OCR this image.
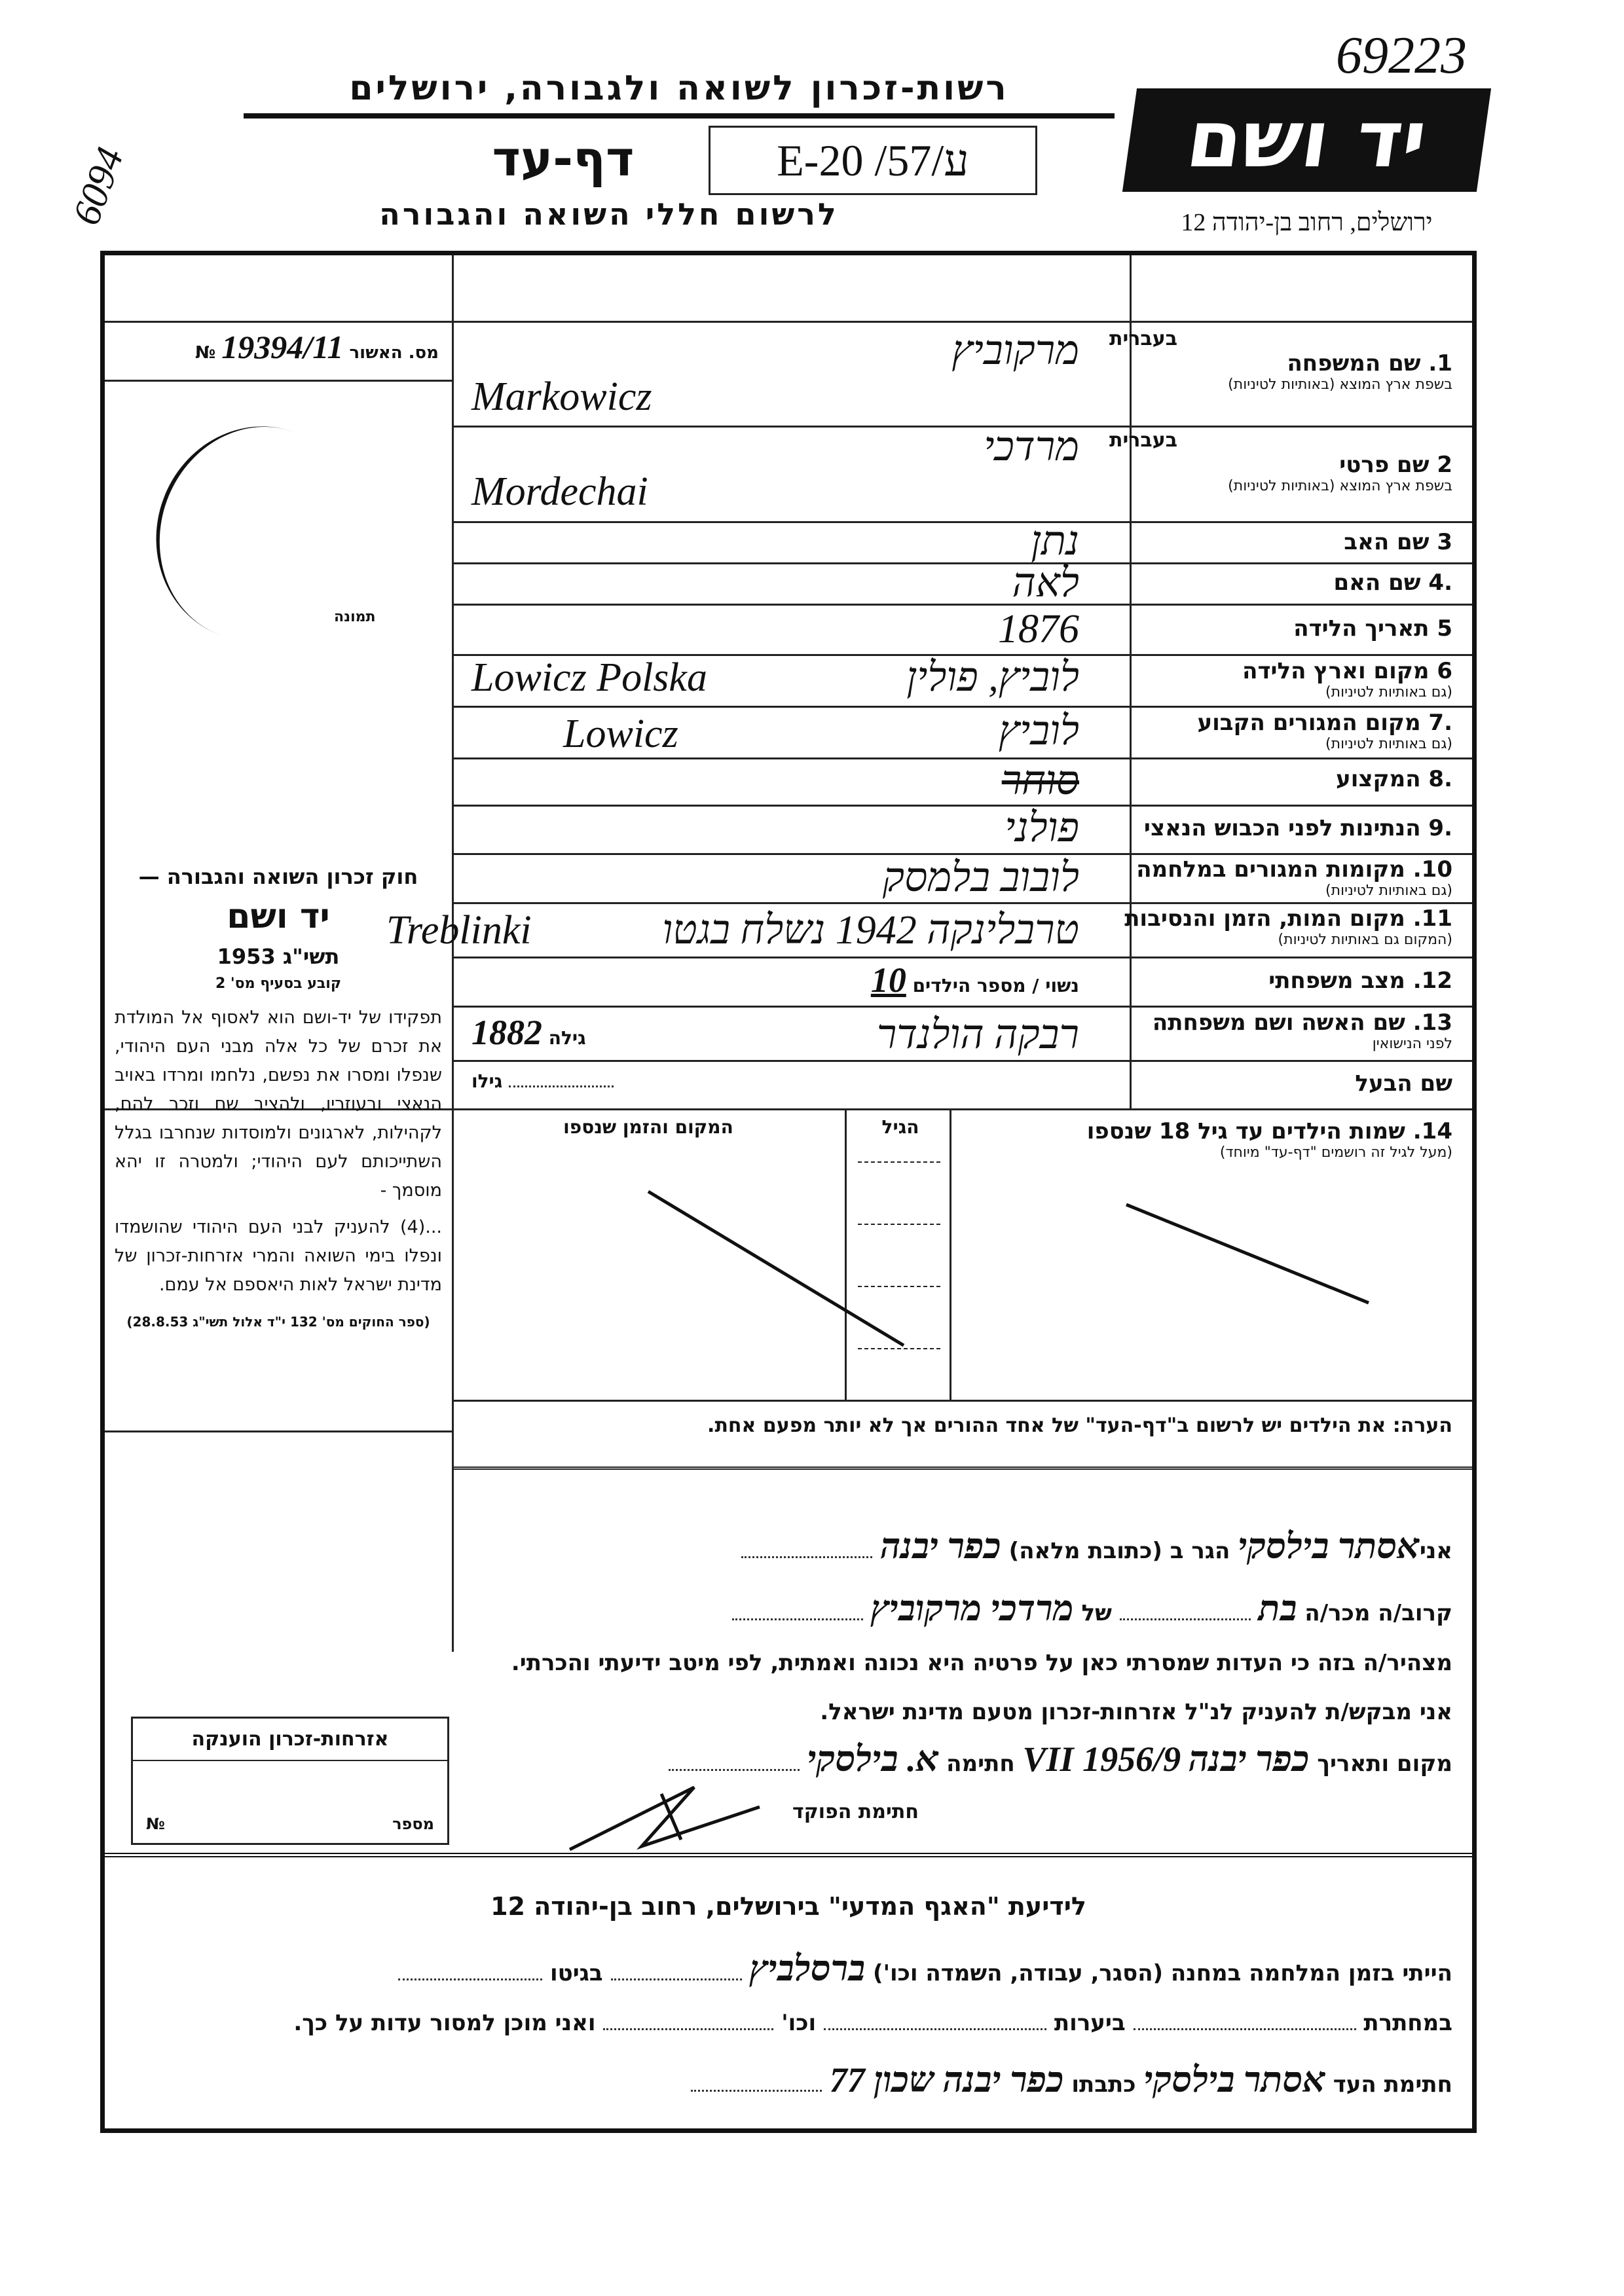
69223
6094
רשות-זכרון לשואה ולגבורה, ירושלים
דף-עד	E-20 /57/ע
לרשום חללי השואה והגבורה
יד ושם
ירושלים, רחוב בן-יהודה 12
מס. האשור 19394/11 №
תמונה
חוק זכרון השואה והגבורה —
יד ושם
תשי"ג 1953
קובע בסעיף מס' 2
תפקידו של יד-ושם הוא לאסוף אל המולדת את זכרם של כל אלה מבני העם היהודי, שנפלו ומסרו את נפשם, נלחמו ומרדו באויב הנאצי ובעוזריו, ולהציב שם וזכר להם, לקהילות, לארגונים ולמוסדות שנחרבו בגלל השתייכותם לעם היהודי; ולמטרה זו יהא מוסמך -
...(4) להעניק לבני העם היהודי שהושמדו ונפלו בימי השואה והמרי אזרחות-זכרון של מדינת ישראל לאות היאספם אל עמם.
(ספר החוקים מס' 132 י"ד אלול תשי"ג 28.8.53)
בעברית
1. שם המשפחה
בשפת ארץ המוצא (באותיות לטיניות)
בעברית
2 שם פרטי
בשפת ארץ המוצא (באותיות לטיניות)
3 שם האב
.4 שם האם
5 תאריך הלידה
6 מקום וארץ הלידה
(גם באותיות לטיניות)
.7 מקום המגורים הקבוע
(גם באותיות לטיניות)
.8 המקצוע
.9 הנתינות לפני הכבוש הנאצי
10. מקומות המגורים במלחמה
(גם באותיות לטיניות)
11. מקום המות, הזמן והנסיבות
(המקום גם באותיות לטיניות)
12. מצב משפחתי
13. שם האשה ושם משפחתה
לפני הנישואין
שם הבעל
מרקוביץ
Markowicz
מרדכי
Mordechai
נתן
לאה
1876
לוביץ, פולין
Lowicz Polska
לוביץ
Lowicz
סוחר
פולני
לובוב בלמסק
טרבלינקה 1942 נשלח בגטו
Treblinki
נשוי / מספר הילדים 10
רבקה הולנדר
גילה 1882
גילו
14. שמות הילדים עד גיל 18 שנספו
(מעל לגיל זה רושמים "דף-עד" מיוחד)
הגיל
המקום והזמן שנספו
הערה: את הילדים יש לרשום ב"דף-העד" של אחד ההורים אך לא יותר מפעם אחת.
אניאסתר בילסקי הגר ב (כתובת מלאה) כפר יבנה
קרוב/ה מכר/ה בת  של מרדכי מרקוביץ
מצהיר/ה בזה כי העדות שמסרתי כאן על פרטיה היא נכונה ואמתית, לפי מיטב ידיעתי והכרתי.
אני מבקש/ת להעניק לנ"ל אזרחות-זכרון מטעם מדינת ישראל.
מקום ותאריך כפר יבנה 9/VII 1956 חתימה א. בילסקי
חתימת הפוקד
אזרחות-זכרון הוענקה
מספר
№
לידיעת "האגף המדעי" בירושלים, רחוב בן-יהודה 12
הייתי בזמן המלחמה במחנה (הסגר, עבודה, השמדה וכו') ברסלביץ  בגיטו
במחתרת  ביערות  וכו'  ואני מוכן למסור עדות על כך.
חתימת העד אסתר בילסקי כתבתו כפר יבנה שכון 77
